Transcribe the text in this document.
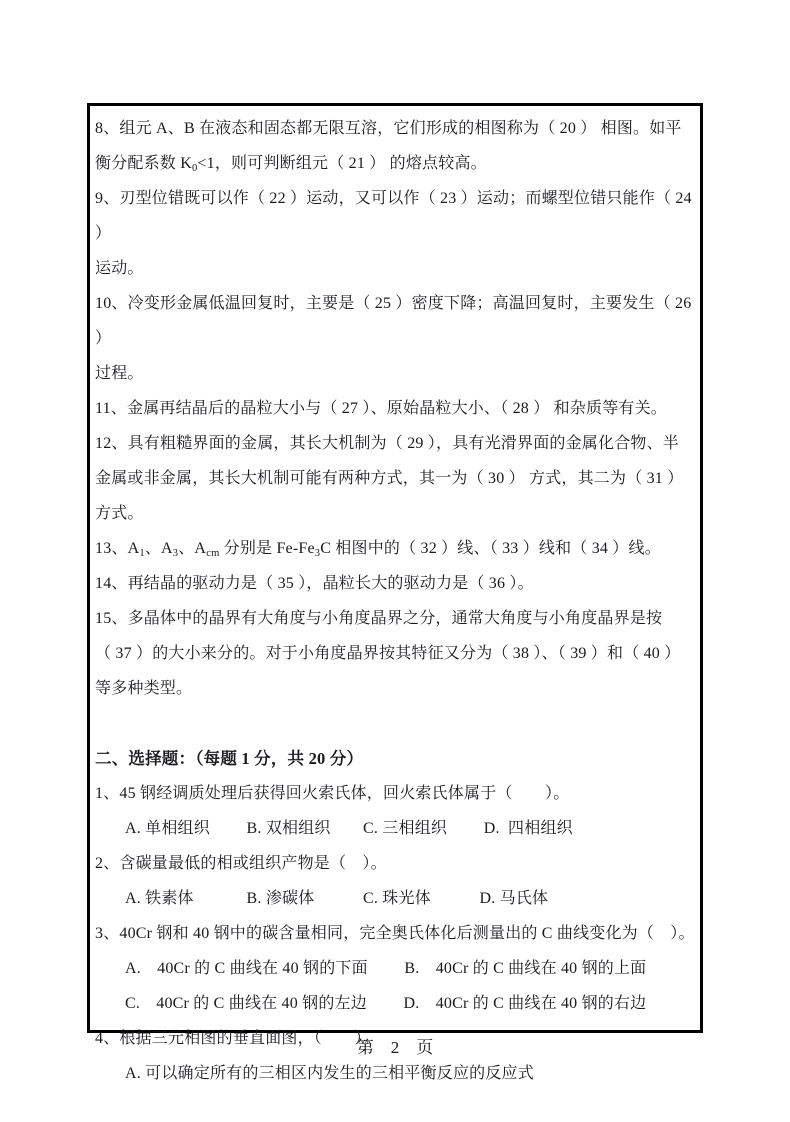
8、组元 A、B 在液态和固态都无限互溶，它们形成的相图称为（ 20 ） 相图。如平

衡分配系数 $K_0<1$，则可判断组元（ 21 ） 的熔点较高。

9、刃型位错既可以作（ 22 ）运动，又可以作（ 23 ）运动；而螺型位错只能作（ 24 ）

运动。

10、冷变形金属低温回复时，主要是（ 25 ）密度下降；高温回复时，主要发生（ 26 ）

过程。

11、金属再结晶后的晶粒大小与（ 27 ）、原始晶粒大小、（ 28 ） 和杂质等有关。

12、具有粗糙界面的金属，其长大机制为（ 29 ），具有光滑界面的金属化合物、半

金属或非金属，其长大机制可能有两种方式，其一为（ 30 ） 方式，其二为（ 31 ）

方式。

13、$A_1$、$A_3$、$A_{cm}$ 分别是 $Fe-Fe_3C$ 相图中的（ 32 ）线、（ 33 ）线和（ 34 ）线。

14、再结晶的驱动力是（ 35 ），晶粒长大的驱动力是（ 36 ）。

15、多晶体中的晶界有大角度与小角度晶界之分，通常大角度与小角度晶界是按

（ 37 ）的大小来分的。对于小角度晶界按其特征又分为（ 38 ）、（ 39 ）和（ 40 ）

等多种类型。

二、选择题：（每题 1 分，共 20 分）

1、45 钢经调质处理后获得回火索氏体，回火索氏体属于（　　）。

A. 单相组织　　 B. 双相组织　　C. 三相组织　　 D.  四相组织

2、含碳量最低的相或组织产物是（　）。

A. 铁素体　　　 B. 渗碳体　　　C. 珠光体　　　D. 马氏体

3、40Cr 钢和 40 钢中的碳含量相同，完全奥氏体化后测量出的 C 曲线变化为（　）。

A.　40Cr 的 C 曲线在 40 钢的下面　　 B.　40Cr 的 C 曲线在 40 钢的上面

C.　40Cr 的 C 曲线在 40 钢的左边　　 D.　40Cr 的 C 曲线在 40 钢的右边

4、根据三元相图的垂直面图，（　　）。

A. 可以确定所有的三相区内发生的三相平衡反应的反应式

第　2　页
